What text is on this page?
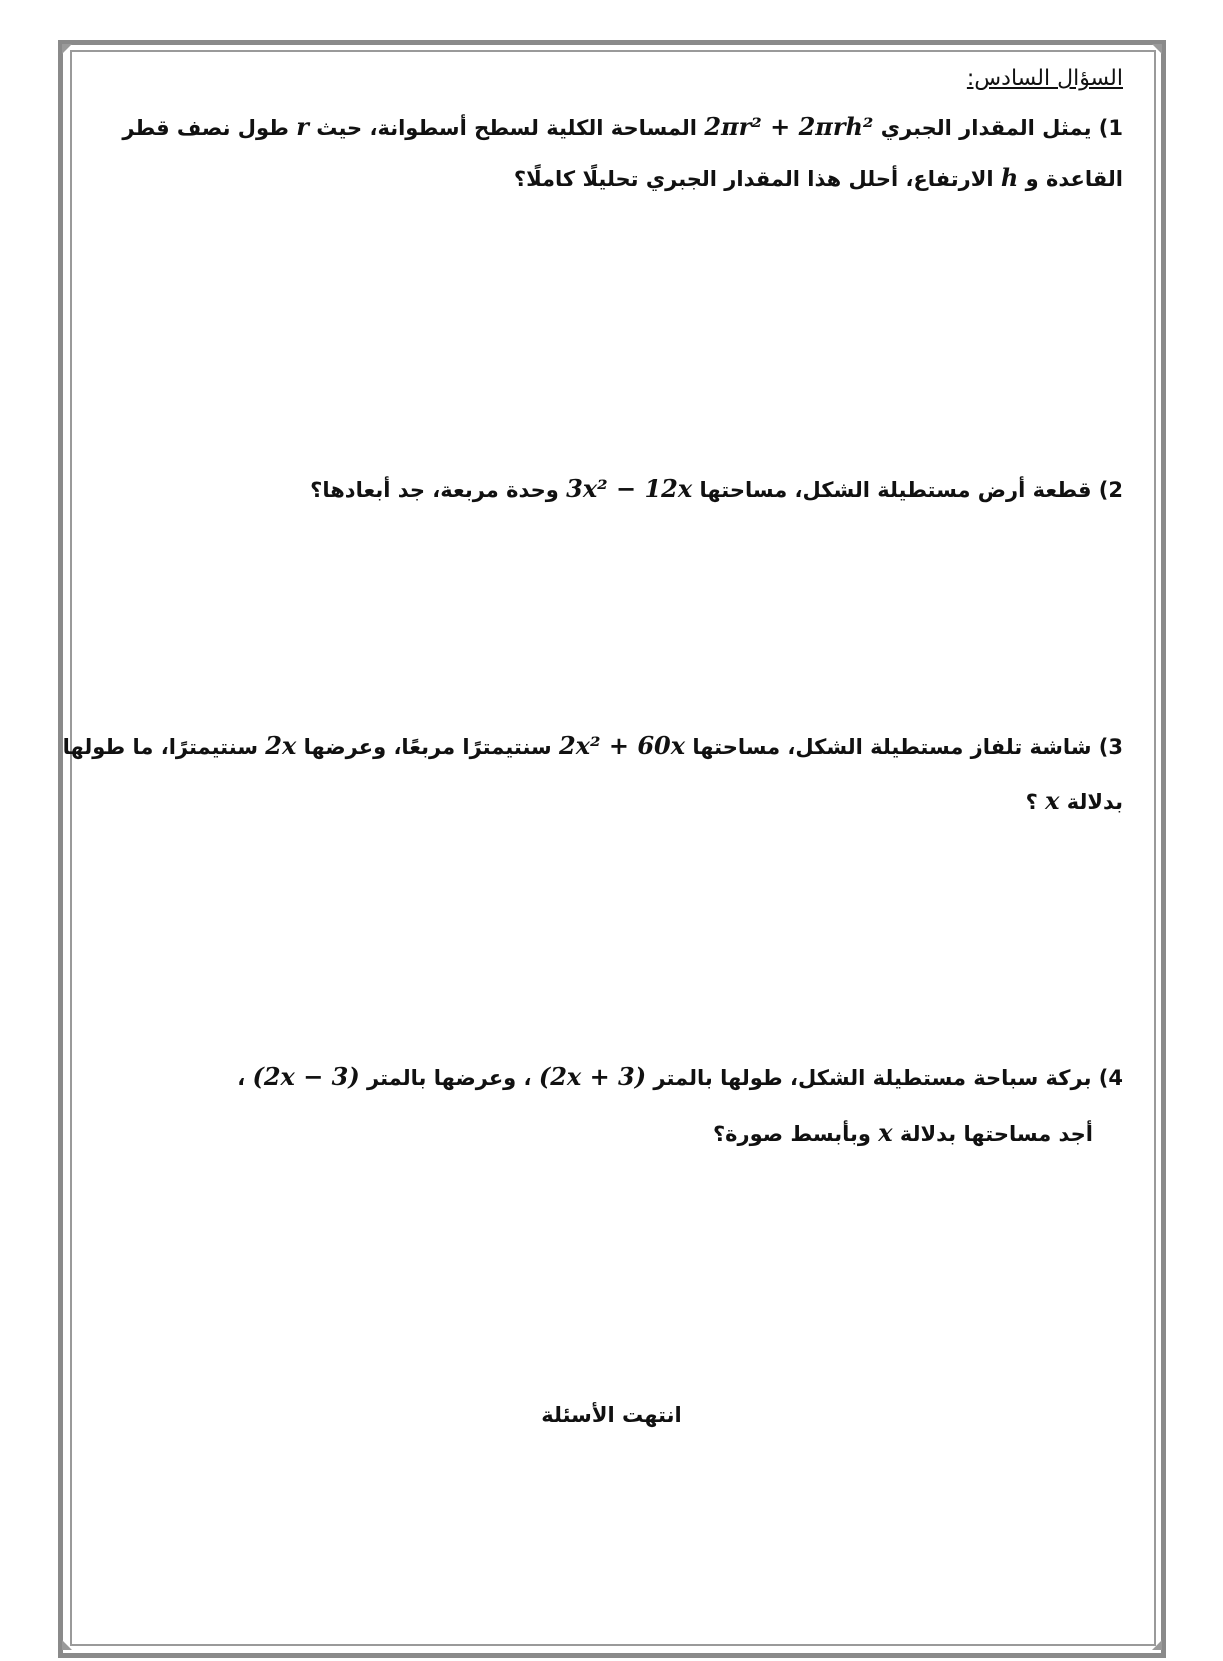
السؤال السادس:
1) يمثل المقدار الجبري 2πr² + 2πrh² المساحة الكلية لسطح أسطوانة، حيث r طول نصف قطر
القاعدة و h الارتفاع، أحلل هذا المقدار الجبري تحليلًا كاملًا؟
2) قطعة أرض مستطيلة الشكل، مساحتها 3x² − 12x وحدة مربعة، جد أبعادها؟
3) شاشة تلفاز مستطيلة الشكل، مساحتها 2x² + 60x سنتيمترًا مربعًا، وعرضها 2x سنتيمترًا، ما طولها
بدلالة x ؟
4) بركة سباحة مستطيلة الشكل، طولها بالمتر (2x + 3) ، وعرضها بالمتر (2x − 3) ،
أجد مساحتها بدلالة x وبأبسط صورة؟
انتهت الأسئلة
